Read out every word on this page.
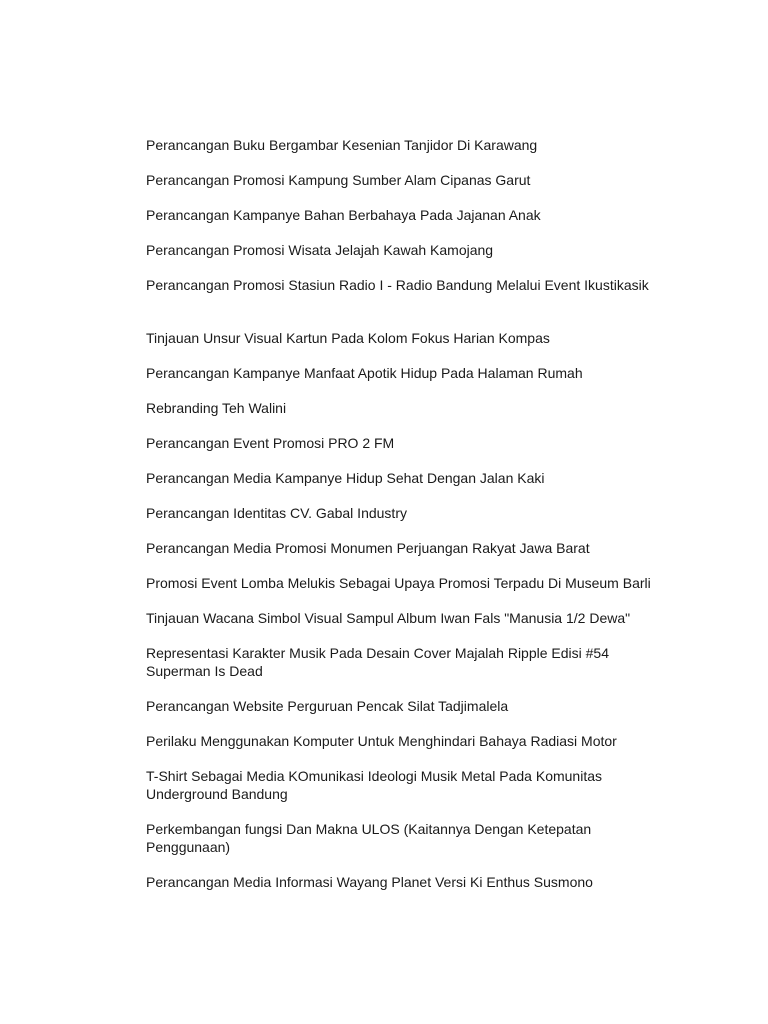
Perancangan Buku Bergambar Kesenian Tanjidor Di Karawang
Perancangan Promosi Kampung Sumber Alam Cipanas Garut
Perancangan Kampanye Bahan Berbahaya Pada Jajanan Anak
Perancangan Promosi Wisata Jelajah Kawah Kamojang
Perancangan Promosi Stasiun Radio I - Radio Bandung Melalui Event Ikustikasik
Tinjauan Unsur Visual Kartun Pada Kolom Fokus Harian Kompas
Perancangan Kampanye Manfaat Apotik Hidup Pada Halaman Rumah
Rebranding Teh Walini
Perancangan Event Promosi PRO 2 FM
Perancangan Media Kampanye Hidup Sehat Dengan Jalan Kaki
Perancangan Identitas CV. Gabal Industry
Perancangan Media Promosi Monumen Perjuangan Rakyat Jawa Barat
Promosi Event Lomba Melukis Sebagai Upaya Promosi Terpadu Di Museum Barli
Tinjauan Wacana Simbol Visual Sampul Album Iwan Fals "Manusia 1/2 Dewa"
Representasi Karakter Musik Pada Desain Cover Majalah Ripple Edisi #54 Superman Is Dead
Perancangan Website Perguruan Pencak Silat Tadjimalela
Perilaku Menggunakan Komputer Untuk Menghindari Bahaya Radiasi Motor
T-Shirt Sebagai Media KOmunikasi Ideologi Musik Metal Pada Komunitas Underground Bandung
Perkembangan fungsi Dan Makna ULOS (Kaitannya Dengan Ketepatan Penggunaan)
Perancangan Media Informasi Wayang Planet Versi Ki Enthus Susmono
